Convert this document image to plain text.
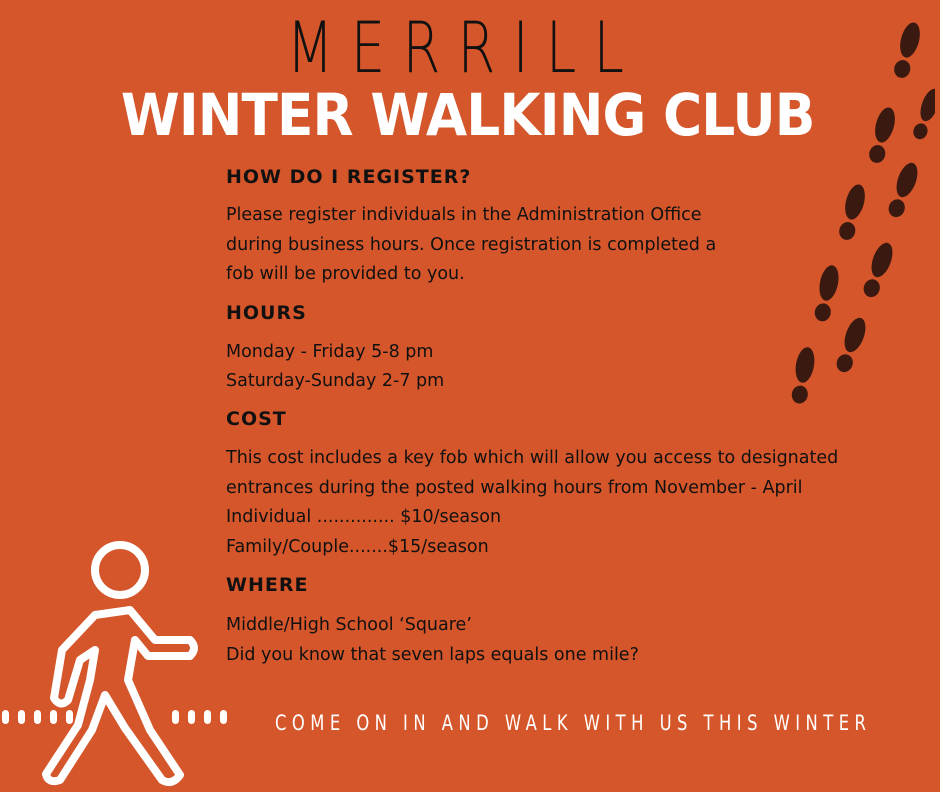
MERRILL
WINTER WALKING CLUB
HOW DO I REGISTER?
Please register individuals in the Administration Office
during business hours. Once registration is completed a
fob will be provided to you.
HOURS
Monday - Friday 5-8 pm
Saturday-Sunday 2-7 pm
COST
This cost includes a key fob which will allow you access to designated
entrances during the posted walking hours from November - April
Individual .............. $10/season
Family/Couple.......$15/season
WHERE
Middle/High School ‘Square’
Did you know that seven laps equals one mile?
COME ON IN AND WALK WITH US THIS WINTER
